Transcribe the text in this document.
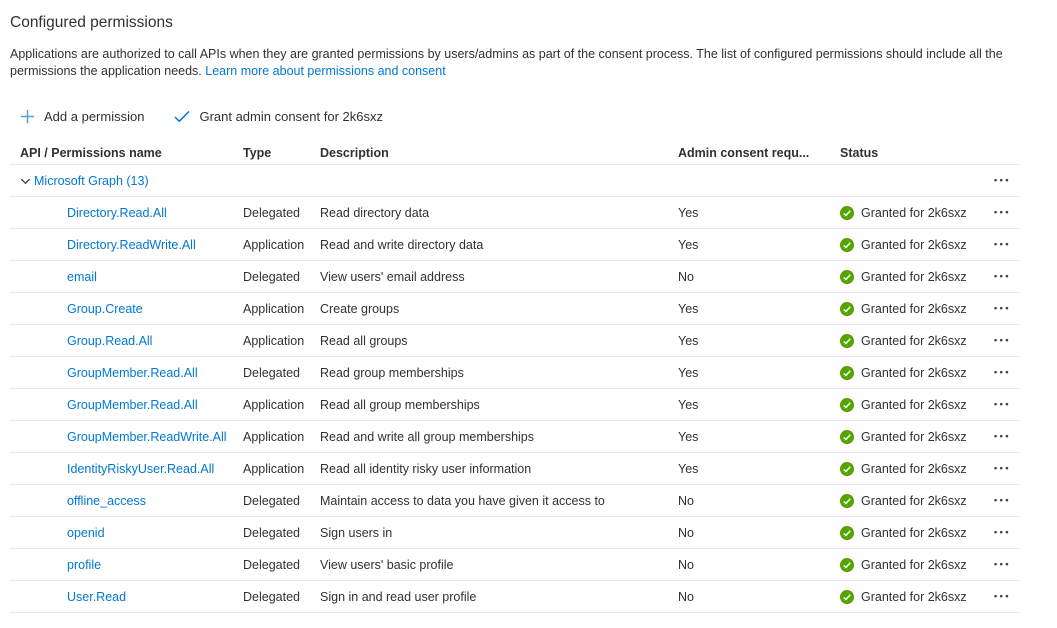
Configured permissions

Applications are authorized to call APIs when they are granted permissions by users/admins as part of the consent process. The list of configured permissions should include all the permissions the application needs. Learn more about permissions and consent

Add a permission	Grant admin consent for 2k6sxz
API / Permissions name	Type	Description	Admin consent requ...	Status
Microsoft Graph (13)	•••
Directory.Read.All	Delegated	Read directory data	Yes	Granted for 2k6sxz	•••
Directory.ReadWrite.All	Application	Read and write directory data	Yes	Granted for 2k6sxz	•••
email	Delegated	View users' email address	No	Granted for 2k6sxz	•••
Group.Create	Application	Create groups	Yes	Granted for 2k6sxz	•••
Group.Read.All	Application	Read all groups	Yes	Granted for 2k6sxz	•••
GroupMember.Read.All	Delegated	Read group memberships	Yes	Granted for 2k6sxz	•••
GroupMember.Read.All	Application	Read all group memberships	Yes	Granted for 2k6sxz	•••
GroupMember.ReadWrite.All	Application	Read and write all group memberships	Yes	Granted for 2k6sxz	•••
IdentityRiskyUser.Read.All	Application	Read all identity risky user information	Yes	Granted for 2k6sxz	•••
offline_access	Delegated	Maintain access to data you have given it access to	No	Granted for 2k6sxz	•••
openid	Delegated	Sign users in	No	Granted for 2k6sxz	•••
profile	Delegated	View users' basic profile	No	Granted for 2k6sxz	•••
User.Read	Delegated	Sign in and read user profile	No	Granted for 2k6sxz	•••
